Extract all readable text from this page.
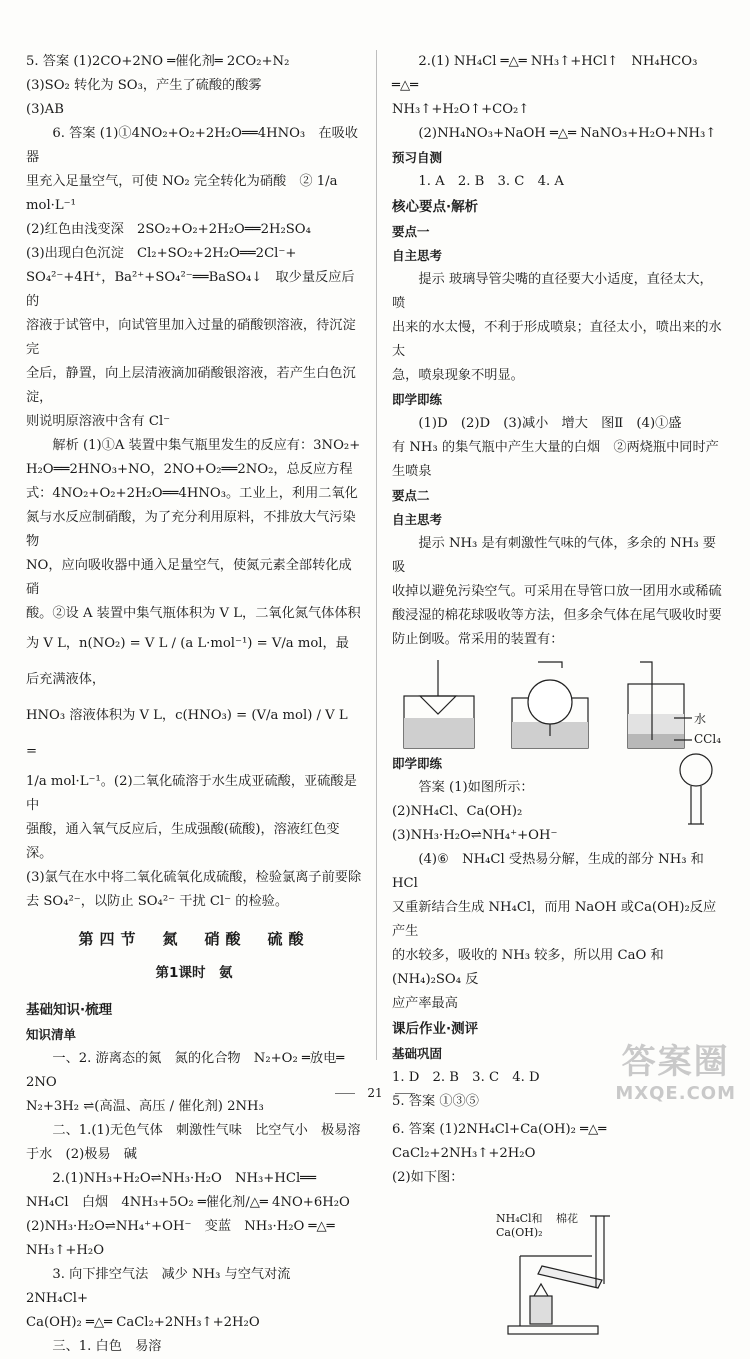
5. 答案 (1)2CO+2NO ═催化剂═ 2CO₂+N₂

(3)SO₂ 转化为 SO₃，产生了硫酸的酸雾

(3)AB

6. 答案 (1)①4NO₂+O₂+2H₂O══4HNO₃　在吸收器

里充入足量空气，可使 NO₂ 完全转化为硝酸　② 1/a mol·L⁻¹

(2)红色由浅变深　2SO₂+O₂+2H₂O══2H₂SO₄

(3)出现白色沉淀　Cl₂+SO₂+2H₂O══2Cl⁻+

SO₄²⁻+4H⁺，Ba²⁺+SO₄²⁻══BaSO₄↓　取少量反应后的

溶液于试管中，向试管里加入过量的硝酸钡溶液，待沉淀完

全后，静置，向上层清液滴加硝酸银溶液，若产生白色沉淀，

则说明原溶液中含有 Cl⁻

解析 (1)①A 装置中集气瓶里发生的反应有：3NO₂+

H₂O══2HNO₃+NO，2NO+O₂══2NO₂，总反应方程

式：4NO₂+O₂+2H₂O══4HNO₃。工业上，利用二氧化

氮与水反应制硝酸，为了充分利用原料，不排放大气污染物

NO，应向吸收器中通入足量空气，使氮元素全部转化成硝

酸。②设 A 装置中集气瓶体积为 V L，二氧化氮气体体积

为 V L，n(NO₂) = V L / (a L·mol⁻¹) = V/a mol，最后充满液体，

HNO₃ 溶液体积为 V L，c(HNO₃) = (V/a mol) / V L =

1/a mol·L⁻¹。(2)二氧化硫溶于水生成亚硫酸，亚硫酸是中

强酸，通入氧气反应后，生成强酸(硫酸)，溶液红色变深。

(3)氯气在水中将二氧化硫氧化成硫酸，检验氯离子前要除

去 SO₄²⁻，以防止 SO₄²⁻ 干扰 Cl⁻ 的检验。

第四节　氮　硝酸　硫酸
第1课时　氨
基础知识·梳理
知识清单

一、2. 游离态的氮　氮的化合物　N₂+O₂ ═放电═ 2NO

N₂+3H₂ ⇌(高温、高压 / 催化剂) 2NH₃

二、1.(1)无色气体　刺激性气味　比空气小　极易溶

于水　(2)极易　碱

2.(1)NH₃+H₂O⇌NH₃·H₂O　NH₃+HCl══

NH₄Cl　白烟　4NH₃+5O₂ ═催化剂/△═ 4NO+6H₂O

(2)NH₃·H₂O⇌NH₄⁺+OH⁻　变蓝　NH₃·H₂O ═△═

NH₃↑+H₂O

3. 向下排空气法　减少 NH₃ 与空气对流　2NH₄Cl+

Ca(OH)₂ ═△═ CaCl₂+2NH₃↑+2H₂O

三、1. 白色　易溶

2.(1) NH₄Cl ═△═ NH₃↑+HCl↑　NH₄HCO₃ ═△═

NH₃↑+H₂O↑+CO₂↑

(2)NH₄NO₃+NaOH ═△═ NaNO₃+H₂O+NH₃↑

预习自测

1. A　2. B　3. C　4. A

核心要点·解析
要点一
自主思考

提示 玻璃导管尖嘴的直径要大小适度，直径太大，喷

出来的水太慢，不利于形成喷泉；直径太小，喷出来的水太

急，喷泉现象不明显。

即学即练

(1)D　(2)D　(3)减小　增大　图Ⅱ　(4)①盛

有 NH₃ 的集气瓶中产生大量的白烟　②两烧瓶中同时产

生喷泉

要点二
自主思考

提示 NH₃ 是有刺激性气味的气体，多余的 NH₃ 要吸

收掉以避免污染空气。可采用在导管口放一团用水或稀硫

酸浸湿的棉花球吸收等方法，但多余气体在尾气吸收时要

防止倒吸。常采用的装置有：

水
CCl₄
即学即练

答案 (1)如图所示：

(2)NH₄Cl、Ca(OH)₂

(3)NH₃·H₂O⇌NH₄⁺+OH⁻

(4)⑥　NH₄Cl 受热易分解，生成的部分 NH₃ 和 HCl

又重新结合生成 NH₄Cl，而用 NaOH 或Ca(OH)₂反应产生

的水较多，吸收的 NH₃ 较多，所以用 CaO 和(NH₄)₂SO₄ 反

应产率最高

课后作业·测评
基础巩固

1. D　2. B　3. C　4. D

5. 答案 ①③⑤

6. 答案 (1)2NH₄Cl+Ca(OH)₂ ═△═ CaCl₂+2NH₃↑+2H₂O

(2)如下图：

NH₄Cl和
Ca(OH)₂
棉花
21
答案圈
MXQE.COM
